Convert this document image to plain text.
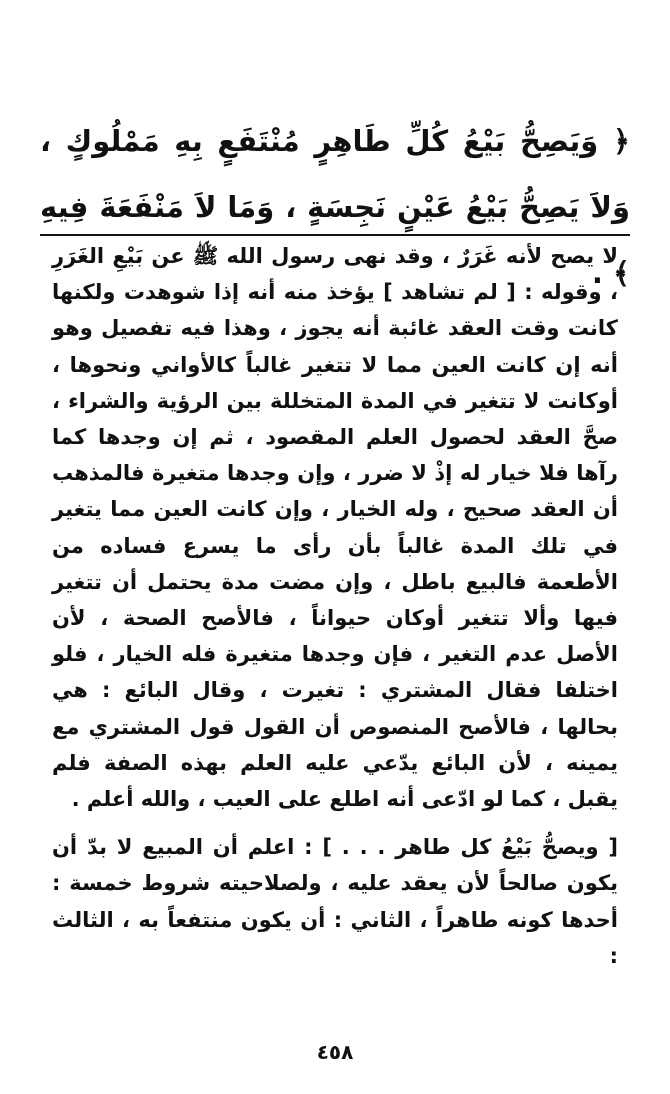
﴿ وَيَصِحُّ بَيْعُ كُلِّ طَاهِرٍ مُنْتَفَعٍ بِهِ مَمْلُوكٍ ، وَلاَ يَصِحُّ بَيْعُ عَيْنٍ نَجِسَةٍ ، وَمَا لاَ مَنْفَعَةَ فِيهِ ﴾ .

لا يصح لأنه غَرَرٌ ، وقد نهى رسول الله ﷺ عن بَيْعِ الغَرَرِ ، وقوله : [ لم تشاهد ] يؤخذ منه أنه إذا شوهدت ولكنها كانت وقت العقد غائبة أنه يجوز ، وهذا فيه تفصيل وهو أنه إن كانت العين مما لا تتغير غالباً كالأواني ونحوها ، أوكانت لا تتغير في المدة المتخللة بين الرؤية والشراء ، صحَّ العقد لحصول العلم المقصود ، ثم إن وجدها كما رآها فلا خيار له إذْ لا ضرر ، وإن وجدها متغيرة فالمذهب أن العقد صحيح ، وله الخيار ، وإن كانت العين مما يتغير في تلك المدة غالباً بأن رأى ما يسرع فساده من الأطعمة فالبيع باطل ، وإن مضت مدة يحتمل أن تتغير فيها وألا تتغير أوكان حيواناً ، فالأصح الصحة ، لأن الأصل عدم التغير ، فإن وجدها متغيرة فله الخيار ، فلو اختلفا فقال المشتري : تغيرت ، وقال البائع : هي بحالها ، فالأصح المنصوص أن القول قول المشتري مع يمينه ، لأن البائع يدّعي عليه العلم بهذه الصفة فلم يقبل ، كما لو ادّعى أنه اطلع على العيب ، والله أعلم .

[ ويصحُّ بَيْعُ كل طاهر . . . ] : اعلم أن المبيع لا بدّ أن يكون صالحاً لأن يعقد عليه ، ولصلاحيته شروط خمسة : أحدها كونه طاهراً ، الثاني : أن يكون منتفعاً به ، الثالث :

٤٥٨
